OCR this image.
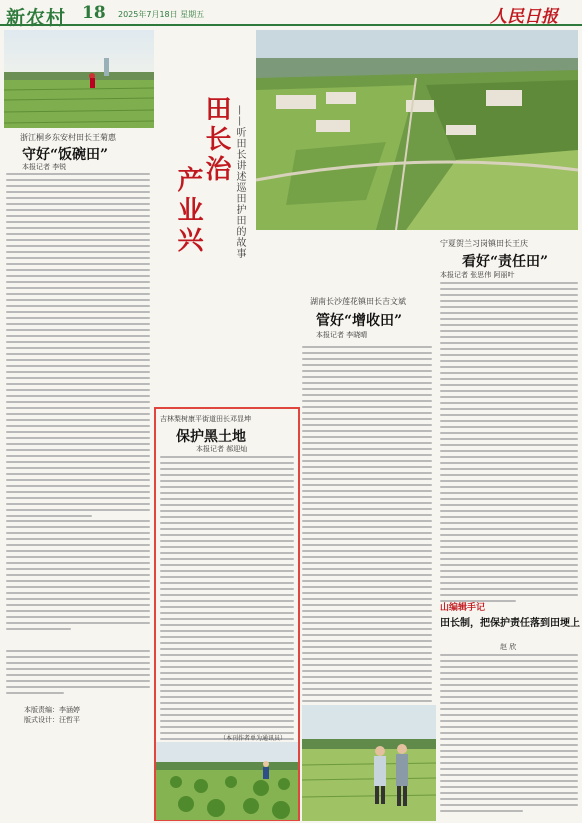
新农村 18 2025年7月18日 星期五	人民日报
田长治
产业兴	——听田长讲述巡田护田的故事
浙江桐乡东安村田长王菊惠
守好“饭碗田”
本报记者 李锐
本版责编：李涵婷
版式设计：汪哲平
宁夏贺兰习岗镇田长王庆
看好“责任田”
本报记者 张思伟 阿丽叶
湖南长沙莲花镇田长吉文斌
管好“增收田”
本报记者 李晓晴
山编辑手记
田长制，把保护责任落到田埂上
赵 欣
吉林梨树康平街道田长邓显坤
保护黑土地
本报记者 郝迎灿
（本刊作者单为通讯员）
